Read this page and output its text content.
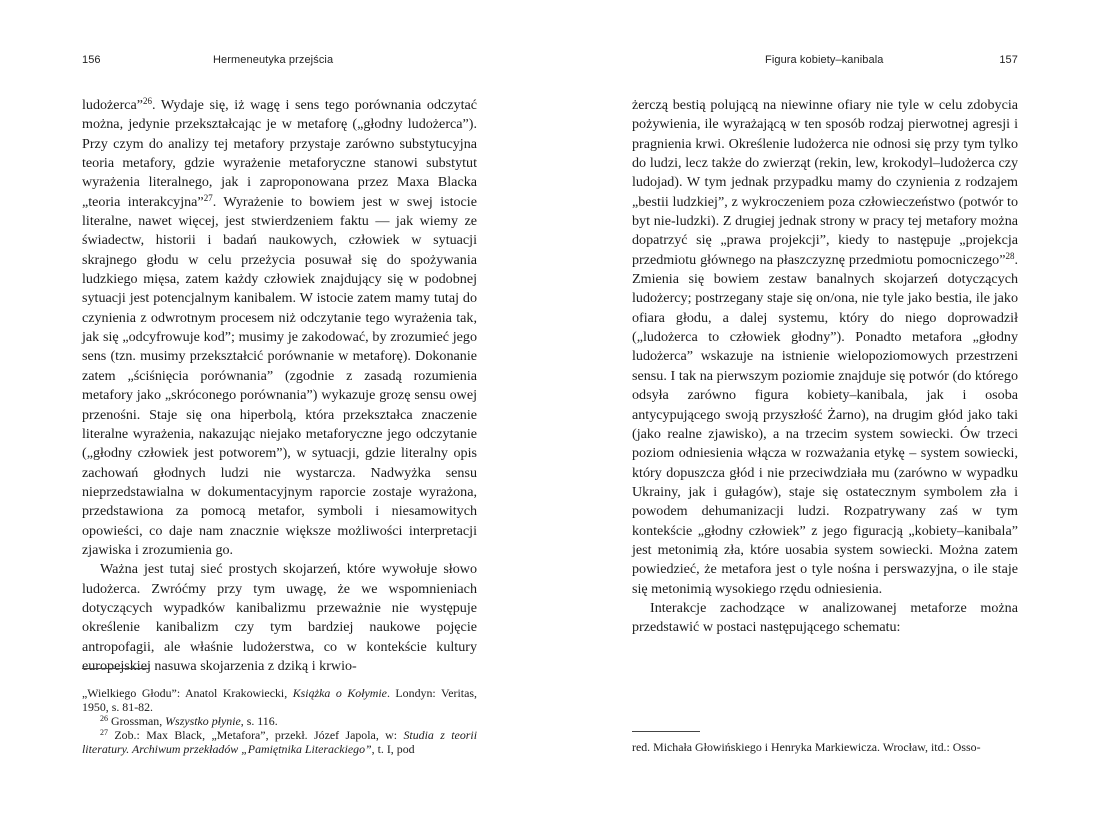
156	Hermeneutyka przejścia

ludożerca”$^{26}$. Wydaje się, iż wagę i sens tego porównania odczytać można, jedynie przekształcając je w metaforę („głodny ludożerca”). Przy czym do analizy tej metafory przystaje zarówno substytucyjna teoria metafory, gdzie wyrażenie metaforyczne stanowi substytut wyrażenia literalnego, jak i zaproponowana przez Maxa Blacka „teoria interakcyjna”$^{27}$. Wyrażenie to bowiem jest w swej istocie literalne, nawet więcej, jest stwierdzeniem faktu — jak wiemy ze świadectw, historii i badań naukowych, człowiek w sytuacji skrajnego głodu w celu przeżycia posuwał się do spożywania ludzkiego mięsa, zatem każdy człowiek znajdujący się w podobnej sytuacji jest potencjalnym kanibalem. W istocie zatem mamy tutaj do czynienia z odwrotnym procesem niż odczytanie tego wyrażenia tak, jak się „odcyfrowuje kod”; musimy je zakodować, by zrozumieć jego sens (tzn. musimy przekształcić porównanie w metaforę). Dokonanie zatem „ściśnięcia porównania” (zgodnie z zasadą rozumienia metafory jako „skróconego porównania”) wykazuje grozę sensu owej przenośni. Staje się ona hiperbolą, która przekształca znaczenie literalne wyrażenia, nakazując niejako metaforyczne jego odczytanie („głodny człowiek jest potworem”), w sytuacji, gdzie literalny opis zachowań głodnych ludzi nie wystarcza. Nadwyżka sensu nieprzedstawialna w dokumentacyjnym raporcie zostaje wyrażona, przedstawiona za pomocą metafor, symboli i niesamowitych opowieści, co daje nam znacznie większe możliwości interpretacji zjawiska i zrozumienia go.

Ważna jest tutaj sieć prostych skojarzeń, które wywołuje słowo ludożerca. Zwróćmy przy tym uwagę, że we wspomnieniach dotyczących wypadków kanibalizmu przeważnie nie występuje określenie kanibalizm czy tym bardziej naukowe pojęcie antropofagii, ale właśnie ludożerstwa, co w kontekście kultury europejskiej nasuwa skojarzenia z dziką i krwio-

„Wielkiego Głodu”: Anatol Krakowiecki, Książka o Kołymie. Londyn: Veritas, 1950, s. 81-82.

$^{26}$ Grossman, Wszystko płynie, s. 116.

$^{27}$ Zob.: Max Black, „Metafora”, przekł. Józef Japola, w: Studia z teorii literatury. Archiwum przekładów „Pamiętnika Literackiego”, t. I, pod

Figura kobiety–kanibala	157

żerczą bestią polującą na niewinne ofiary nie tyle w celu zdobycia pożywienia, ile wyrażającą w ten sposób rodzaj pierwotnej agresji i pragnienia krwi. Określenie ludożerca nie odnosi się przy tym tylko do ludzi, lecz także do zwierząt (rekin, lew, krokodyl–ludożerca czy ludojad). W tym jednak przypadku mamy do czynienia z rodzajem „bestii ludzkiej”, z wykroczeniem poza człowieczeństwo (potwór to byt nie-ludzki). Z drugiej jednak strony w pracy tej metafory można dopatrzyć się „prawa projekcji”, kiedy to następuje „projekcja przedmiotu głównego na płaszczyznę przedmiotu pomocniczego”$^{28}$. Zmienia się bowiem zestaw banalnych skojarzeń dotyczących ludożercy; postrzegany staje się on/ona, nie tyle jako bestia, ile jako ofiara głodu, a dalej systemu, który do niego doprowadził („ludożerca to człowiek głodny”). Ponadto metafora „głodny ludożerca” wskazuje na istnienie wielopoziomowych przestrzeni sensu. I tak na pierwszym poziomie znajduje się potwór (do którego odsyła zarówno figura kobiety–kanibala, jak i osoba antycypującego swoją przyszłość Żarno), na drugim głód jako taki (jako realne zjawisko), a na trzecim system sowiecki. Ów trzeci poziom odniesienia włącza w rozważania etykę – system sowiecki, który dopuszcza głód i nie przeciwdziała mu (zarówno w wypadku Ukrainy, jak i gułagów), staje się ostatecznym symbolem zła i powodem dehumanizacji ludzi. Rozpatrywany zaś w tym kontekście „głodny człowiek” z jego figuracją „kobiety–kanibala” jest metonimią zła, które uosabia system sowiecki. Można zatem powiedzieć, że metafora jest o tyle nośna i perswazyjna, o ile staje się metonimią wysokiego rzędu odniesienia.

Interakcje zachodzące w analizowanej metaforze można przedstawić w postaci następującego schematu:

red. Michała Głowińskiego i Henryka Markiewicza. Wrocław, itd.: Osso-
